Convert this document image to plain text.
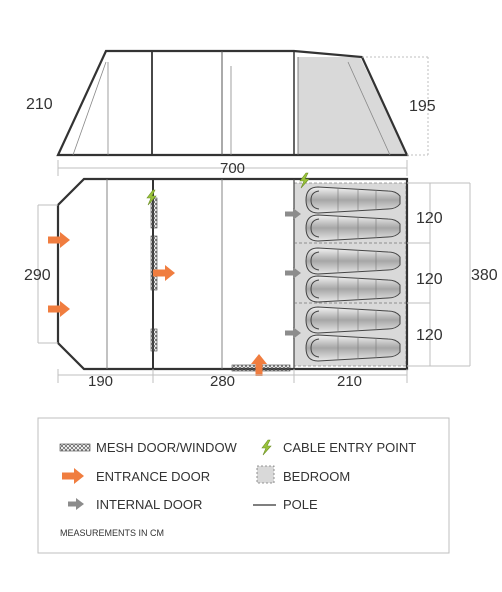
210	195
700
290
120
120
120
380
190	280	210
MESH DOOR/WINDOW	CABLE ENTRY POINT
ENTRANCE DOOR	BEDROOM
INTERNAL DOOR	POLE
MEASUREMENTS IN CM
